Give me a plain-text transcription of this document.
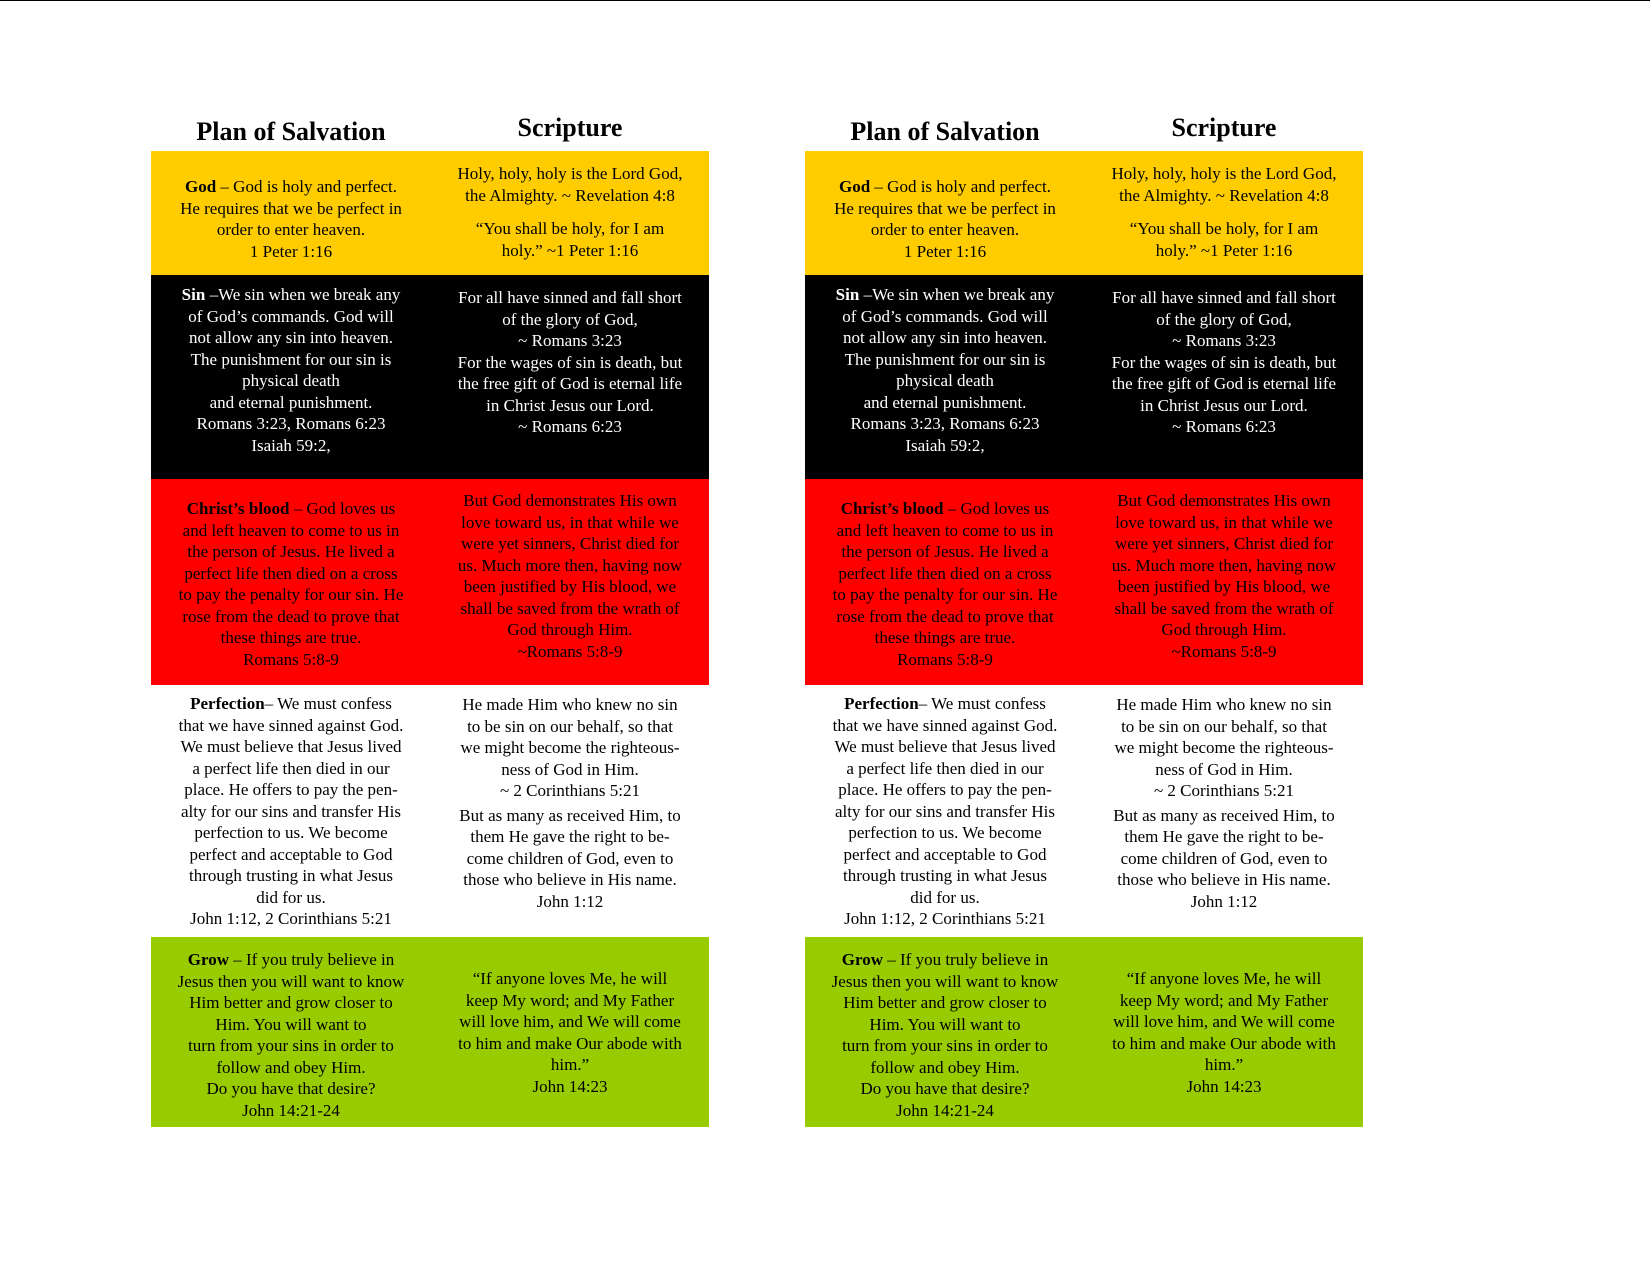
Plan of Salvation	Scripture

God – God is holy and perfect.

He requires that we be perfect in

order to enter heaven.

1 Peter 1:16

Holy, holy, holy is the Lord God,

the Almighty. ~ Revelation 4:8

“You shall be holy, for I am

holy.” ~1 Peter 1:16

Sin –We sin when we break any

of God’s commands. God will

not allow any sin into heaven.

The punishment for our sin is

physical death

and eternal punishment.

Romans 3:23, Romans 6:23

Isaiah 59:2,

For all have sinned and fall short

of the glory of God,

~ Romans 3:23

For the wages of sin is death, but

the free gift of God is eternal life

in Christ Jesus our Lord.

~ Romans 6:23

Christ’s blood – God loves us

and left heaven to come to us in

the person of Jesus. He lived a

perfect life then died on a cross

to pay the penalty for our sin. He

rose from the dead to prove that

these things are true.

Romans 5:8-9

But God demonstrates His own

love toward us, in that while we

were yet sinners, Christ died for

us. Much more then, having now

been justified by His blood, we

shall be saved from the wrath of

God through Him.

~Romans 5:8-9

Perfection– We must confess

that we have sinned against God.

We must believe that Jesus lived

a perfect life then died in our

place. He offers to pay the pen-

alty for our sins and transfer His

perfection to us. We become

perfect and acceptable to God

through trusting in what Jesus

did for us.

John 1:12, 2 Corinthians 5:21

He made Him who knew no sin

to be sin on our behalf, so that

we might become the righteous-

ness of God in Him.

~ 2 Corinthians 5:21

But as many as received Him, to

them He gave the right to be-

come children of God, even to

those who believe in His name.

John 1:12

Grow – If you truly believe in

Jesus then you will want to know

Him better and grow closer to

Him. You will want to

turn from your sins in order to

follow and obey Him.

Do you have that desire?

John 14:21-24

“If anyone loves Me, he will

keep My word; and My Father

will love him, and We will come

to him and make Our abode with

him.”

John 14:23

Plan of Salvation	Scripture

God – God is holy and perfect.

He requires that we be perfect in

order to enter heaven.

1 Peter 1:16

Holy, holy, holy is the Lord God,

the Almighty. ~ Revelation 4:8

“You shall be holy, for I am

holy.” ~1 Peter 1:16

Sin –We sin when we break any

of God’s commands. God will

not allow any sin into heaven.

The punishment for our sin is

physical death

and eternal punishment.

Romans 3:23, Romans 6:23

Isaiah 59:2,

For all have sinned and fall short

of the glory of God,

~ Romans 3:23

For the wages of sin is death, but

the free gift of God is eternal life

in Christ Jesus our Lord.

~ Romans 6:23

Christ’s blood – God loves us

and left heaven to come to us in

the person of Jesus. He lived a

perfect life then died on a cross

to pay the penalty for our sin. He

rose from the dead to prove that

these things are true.

Romans 5:8-9

But God demonstrates His own

love toward us, in that while we

were yet sinners, Christ died for

us. Much more then, having now

been justified by His blood, we

shall be saved from the wrath of

God through Him.

~Romans 5:8-9

Perfection– We must confess

that we have sinned against God.

We must believe that Jesus lived

a perfect life then died in our

place. He offers to pay the pen-

alty for our sins and transfer His

perfection to us. We become

perfect and acceptable to God

through trusting in what Jesus

did for us.

John 1:12, 2 Corinthians 5:21

He made Him who knew no sin

to be sin on our behalf, so that

we might become the righteous-

ness of God in Him.

~ 2 Corinthians 5:21

But as many as received Him, to

them He gave the right to be-

come children of God, even to

those who believe in His name.

John 1:12

Grow – If you truly believe in

Jesus then you will want to know

Him better and grow closer to

Him. You will want to

turn from your sins in order to

follow and obey Him.

Do you have that desire?

John 14:21-24

“If anyone loves Me, he will

keep My word; and My Father

will love him, and We will come

to him and make Our abode with

him.”

John 14:23
